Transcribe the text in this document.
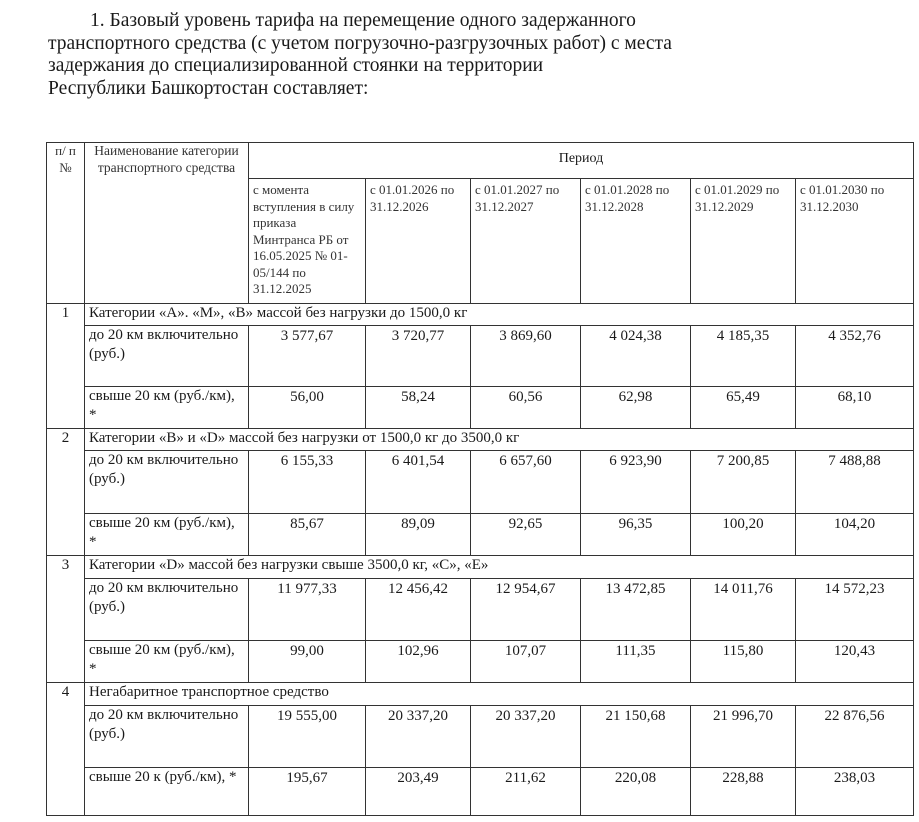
1. Базовый уровень тарифа на перемещение одного задержанного
транспортного средства (с учетом погрузочно-разгрузочных работ) с места
задержания до специализированной стоянки на территории
Республики Башкортостан составляет:
п/ п №	Наименование категории транспортного средства	Период					
		с момента вступления в силу приказа Минтранса РБ от 16.05.2025 № 01-05/144 по 31.12.2025	с 01.01.2026 по 31.12.2026	с 01.01.2027 по 31.12.2027	с 01.01.2028 по 31.12.2028	с 01.01.2029 по 31.12.2029	с 01.01.2030 по 31.12.2030
1	Категории «А». «М», «В» массой без нагрузки до 1500,0 кг						
	до 20 км включительно (руб.)	3 577,67	3 720,77	3 869,60	4 024,38	4 185,35	4 352,76
	свыше 20 км (руб./км), *	56,00	58,24	60,56	62,98	65,49	68,10
2	Категории «В» и «D» массой без нагрузки от 1500,0 кг до 3500,0 кг						
	до 20 км включительно (руб.)	6 155,33	6 401,54	6 657,60	6 923,90	7 200,85	7 488,88
	свыше 20 км (руб./км), *	85,67	89,09	92,65	96,35	100,20	104,20
3	Категории «D» массой без нагрузки свыше 3500,0 кг, «С», «Е»						
	до 20 км включительно (руб.)	11 977,33	12 456,42	12 954,67	13 472,85	14 011,76	14 572,23
	свыше 20 км (руб./км), *	99,00	102,96	107,07	111,35	115,80	120,43
4	Негабаритное транспортное средство						
	до 20 км включительно (руб.)	19 555,00	20 337,20	20 337,20	21 150,68	21 996,70	22 876,56
	свыше 20 к (руб./км), *	195,67	203,49	211,62	220,08	228,88	238,03
